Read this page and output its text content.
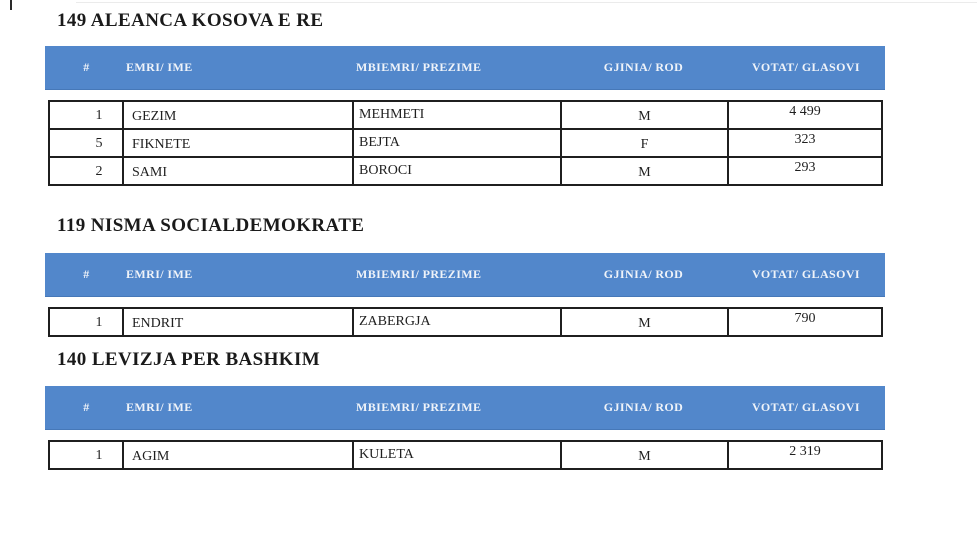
149 ALEANCA KOSOVA E RE
#	EMRI/ IME	MBIEMRI/ PREZIME	GJINIA/ ROD	VOTAT/ GLASOVI
1	GEZIM	MEHMETI	M	4 499
5	FIKNETE	BEJTA	F	323
2	SAMI	BOROCI	M	293
119 NISMA SOCIALDEMOKRATE
#	EMRI/ IME	MBIEMRI/ PREZIME	GJINIA/ ROD	VOTAT/ GLASOVI
1	ENDRIT	ZABERGJA	M	790
140 LEVIZJA PER BASHKIM
#	EMRI/ IME	MBIEMRI/ PREZIME	GJINIA/ ROD	VOTAT/ GLASOVI
1	AGIM	KULETA	M	2 319
